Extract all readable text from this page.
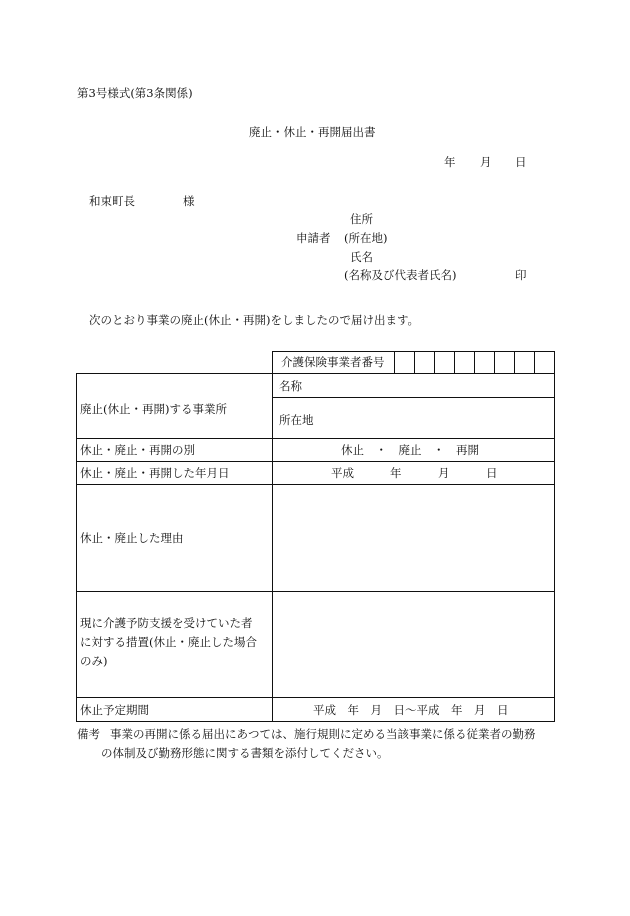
第3号様式(第3条関係)
廃止・休止・再開届出書
年 月 日
和束町長	様
住所
申請者 (所在地)
氏名
(名称及び代表者氏名)	印
次のとおり事業の廃止(休止・再開)をしましたので届け出ます。
介護保険事業者番号
廃止(休止・再開)する事業所
名称
所在地
休止・廃止・再開の別	休止　・　廃止　・　再開
休止・廃止・再開した年月日	平成	年	月	日
休止・廃止した理由
現に介護予防支援を受けていた者
に対する措置(休止・廃止した場合
のみ)
休止予定期間	平成　年　月　日～平成　年　月　日
備考 事業の再開に係る届出にあつては、施行規則に定める当該事業に係る従業者の勤務
の体制及び勤務形態に関する書類を添付してください。
